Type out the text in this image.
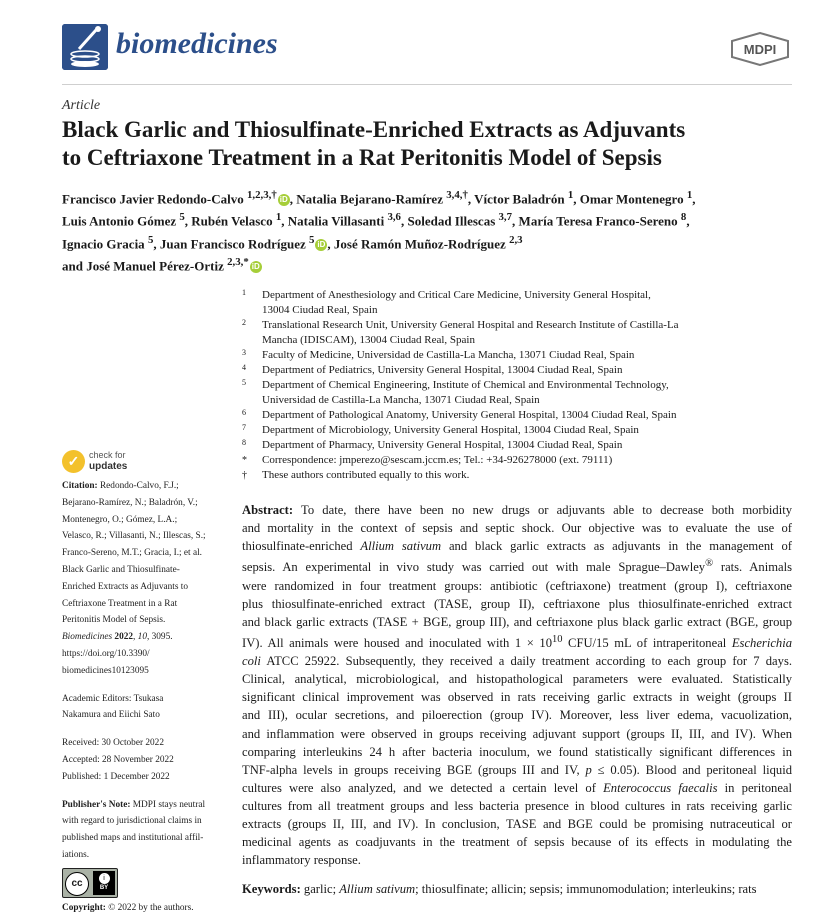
biomedicines	MDPI
Article
Black Garlic and Thiosulfinate-Enriched Extracts as Adjuvants
to Ceftriaxone Treatment in a Rat Peritonitis Model of Sepsis
Francisco Javier Redondo-Calvo $^{1,2,3,\dagger}$ iD , Natalia Bejarano-Ramírez $^{3,4,\dagger}$, Víctor Baladrón $^1$, Omar Montenegro $^1$,
Luis Antonio Gómez $^5$, Rubén Velasco $^1$, Natalia Villasanti $^{3,6}$, Soledad Illescas $^{3,7}$, María Teresa Franco-Sereno $^8$,
Ignacio Gracia $^5$, Juan Francisco Rodríguez $^5$ iD , José Ramón Muñoz-Rodríguez $^{2,3}$
and José Manuel Pérez-Ortiz $^{2,3,*}$ iD
1 Department of Anesthesiology and Critical Care Medicine, University General Hospital,
13004 Ciudad Real, Spain
2 Translational Research Unit, University General Hospital and Research Institute of Castilla-La
Mancha (IDISCAM), 13004 Ciudad Real, Spain
3 Faculty of Medicine, Universidad de Castilla-La Mancha, 13071 Ciudad Real, Spain
4 Department of Pediatrics, University General Hospital, 13004 Ciudad Real, Spain
5 Department of Chemical Engineering, Institute of Chemical and Environmental Technology,
Universidad de Castilla-La Mancha, 13071 Ciudad Real, Spain
6 Department of Pathological Anatomy, University General Hospital, 13004 Ciudad Real, Spain
7 Department of Microbiology, University General Hospital, 13004 Ciudad Real, Spain
8 Department of Pharmacy, University General Hospital, 13004 Ciudad Real, Spain
* Correspondence: jmperezo@sescam.jccm.es; Tel.: +34-926278000 (ext. 79111)
† These authors contributed equally to this work.
✓	check for
updates
Citation: Redondo-Calvo, F.J.;
Bejarano-Ramírez, N.; Baladrón, V.;
Montenegro, O.; Gómez, L.A.;
Velasco, R.; Villasanti, N.; Illescas, S.;
Franco-Sereno, M.T.; Gracia, I.; et al.
Black Garlic and Thiosulfinate-
Enriched Extracts as Adjuvants to
Ceftriaxone Treatment in a Rat
Peritonitis Model of Sepsis.
Biomedicines 2022, 10, 3095.
https://doi.org/10.3390/
biomedicines10123095
Academic Editors: Tsukasa
Nakamura and Eiichi Sato
Received: 30 October 2022
Accepted: 28 November 2022
Published: 1 December 2022
Publisher's Note: MDPI stays neutral
with regard to jurisdictional claims in
published maps and institutional affil-
iations.
cc	i
BY
Copyright: © 2022 by the authors.
Abstract: To date, there have been no new drugs or adjuvants able to decrease both morbidity
and mortality in the context of sepsis and septic shock. Our objective was to evaluate the use of
thiosulfinate-enriched Allium sativum and black garlic extracts as adjuvants in the management of
sepsis. An experimental in vivo study was carried out with male Sprague–Dawley® rats. Animals
were randomized in four treatment groups: antibiotic (ceftriaxone) treatment (group I), ceftriaxone
plus thiosulfinate-enriched extract (TASE, group II), ceftriaxone plus thiosulfinate-enriched extract
and black garlic extracts (TASE + BGE, group III), and ceftriaxone plus black garlic extract (BGE, group
IV). All animals were housed and inoculated with $1 \times 10^{10}$ CFU/15 mL of intraperitoneal Escherichia
coli ATCC 25922. Subsequently, they received a daily treatment according to each group for 7 days.
Clinical, analytical, microbiological, and histopathological parameters were evaluated. Statistically
significant clinical improvement was observed in rats receiving garlic extracts in weight (groups II
and III), ocular secretions, and piloerection (group IV). Moreover, less liver edema, vacuolization,
and inflammation were observed in groups receiving adjuvant support (groups II, III, and IV). When
comparing interleukins 24 h after bacteria inoculum, we found statistically significant differences in
TNF-alpha levels in groups receiving BGE (groups III and IV, p ≤ 0.05). Blood and peritoneal liquid
cultures were also analyzed, and we detected a certain level of Enterococcus faecalis in peritoneal
cultures from all treatment groups and less bacteria presence in blood cultures in rats receiving garlic
extracts (groups II, III, and IV). In conclusion, TASE and BGE could be promising nutraceutical or
medicinal agents as coadjuvants in the treatment of sepsis because of its effects in modulating the
inflammatory response.
Keywords: garlic; Allium sativum; thiosulfinate; allicin; sepsis; immunomodulation; interleukins; rats
